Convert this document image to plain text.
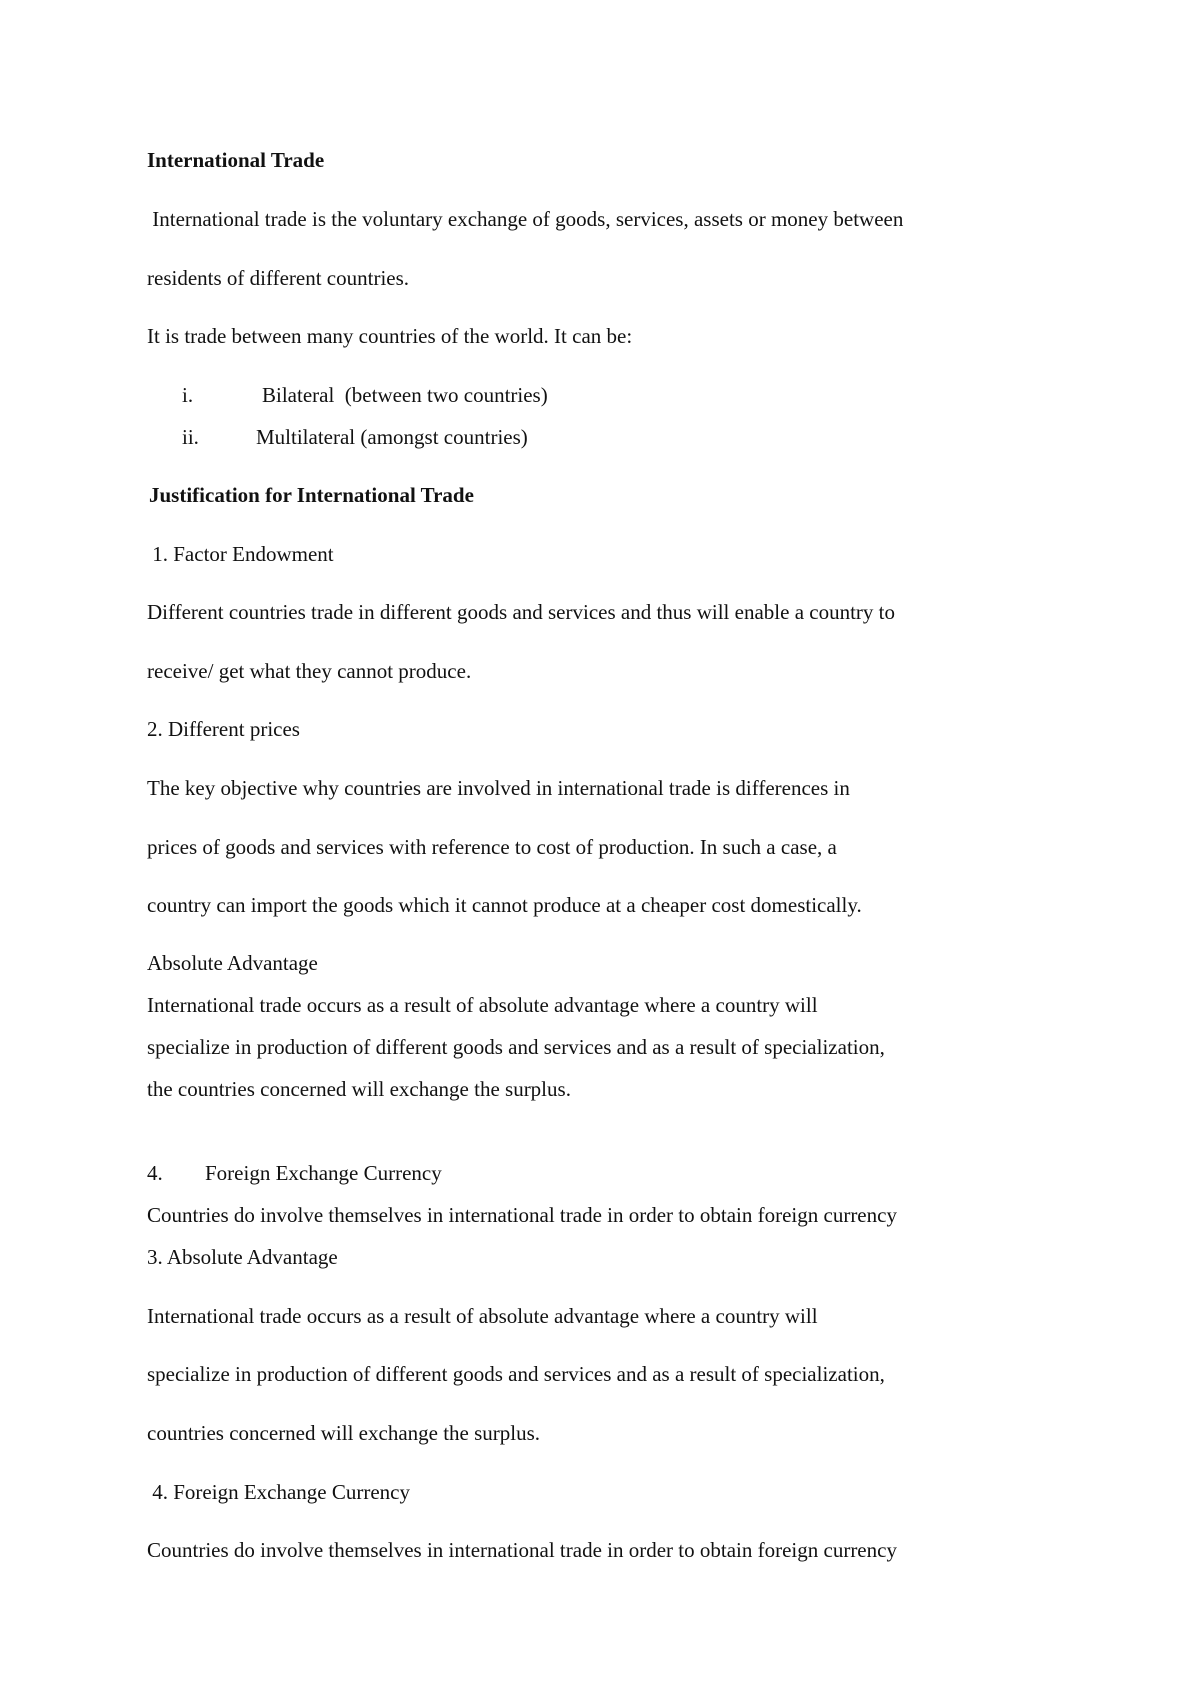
International Trade
International trade is the voluntary exchange of goods, services, assets or money between
residents of different countries.
It is trade between many countries of the world. It can be:
i.	Bilateral  (between two countries)
ii.	Multilateral (amongst countries)
Justification for International Trade
1. Factor Endowment
Different countries trade in different goods and services and thus will enable a country to
receive/ get what they cannot produce.
2. Different prices
The key objective why countries are involved in international trade is differences in
prices of goods and services with reference to cost of production. In such a case, a
country can import the goods which it cannot produce at a cheaper cost domestically.
Absolute Advantage
International trade occurs as a result of absolute advantage where a country will
specialize in production of different goods and services and as a result of specialization,
the countries concerned will exchange the surplus.
4. Foreign Exchange Currency
Countries do involve themselves in international trade in order to obtain foreign currency
3. Absolute Advantage
International trade occurs as a result of absolute advantage where a country will
specialize in production of different goods and services and as a result of specialization,
countries concerned will exchange the surplus.
4. Foreign Exchange Currency
Countries do involve themselves in international trade in order to obtain foreign currency
